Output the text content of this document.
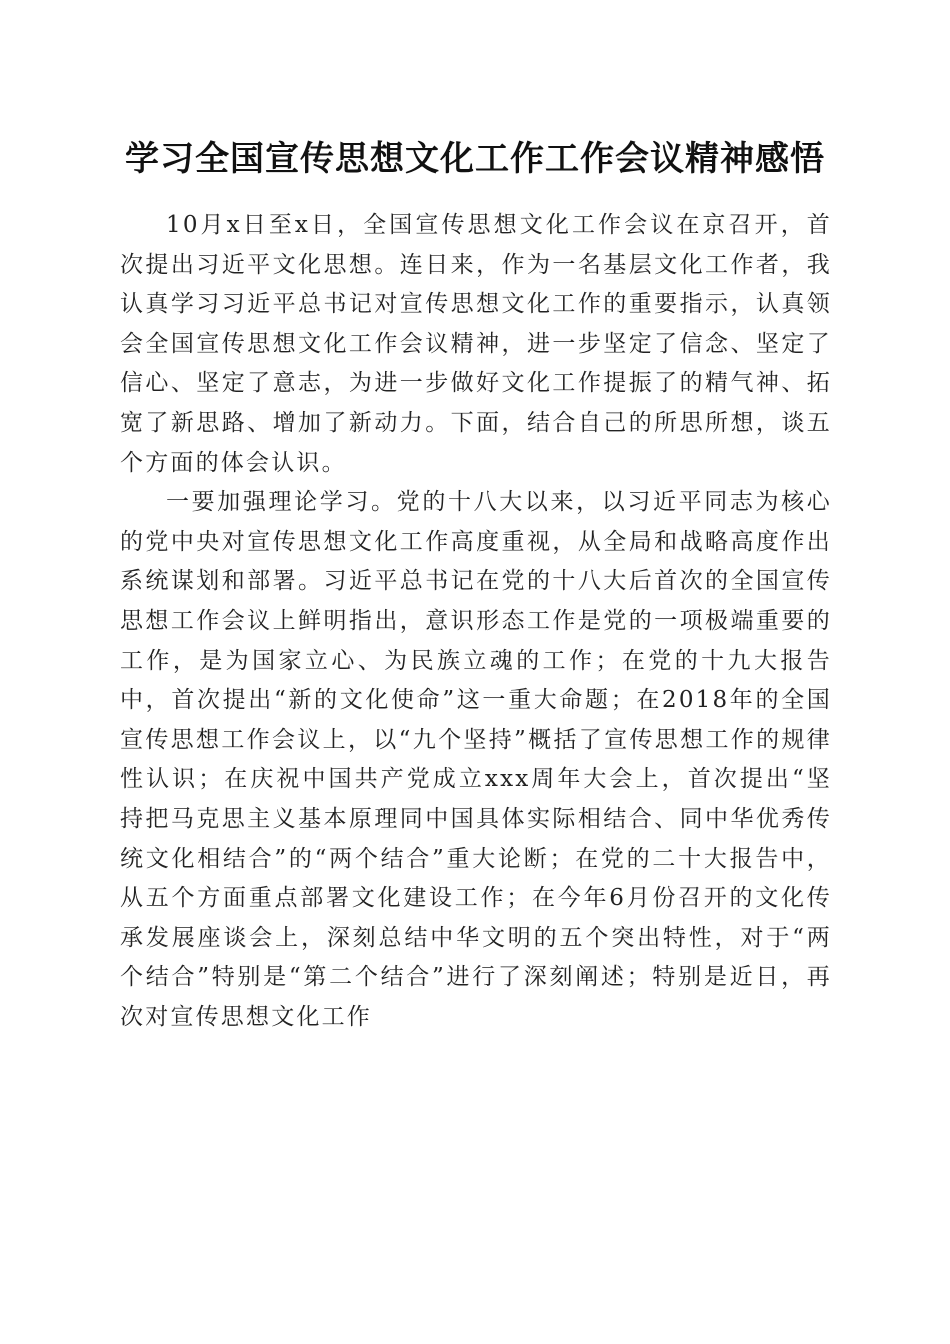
学习全国宣传思想文化工作工作会议精神感悟

10月x日至x日，全国宣传思想文化工作会议在京召开，首次提出习近平文化思想。连日来，作为一名基层文化工作者，我认真学习习近平总书记对宣传思想文化工作的重要指示，认真领会全国宣传思想文化工作会议精神，进一步坚定了信念、坚定了信心、坚定了意志，为进一步做好文化工作提振了的精气神、拓宽了新思路、增加了新动力。下面，结合自己的所思所想，谈五个方面的体会认识。

一要加强理论学习。党的十八大以来，以习近平同志为核心的党中央对宣传思想文化工作高度重视，从全局和战略高度作出系统谋划和部署。习近平总书记在党的十八大后首次的全国宣传思想工作会议上鲜明指出，意识形态工作是党的一项极端重要的工作，是为国家立心、为民族立魂的工作；在党的十九大报告中，首次提出“新的文化使命”这一重大命题；在2018年的全国宣传思想工作会议上，以“九个坚持”概括了宣传思想工作的规律性认识；在庆祝中国共产党成立xxx周年大会上，首次提出“坚持把马克思主义基本原理同中国具体实际相结合、同中华优秀传统文化相结合”的“两个结合”重大论断；在党的二十大报告中，从五个方面重点部署文化建设工作；在今年6月份召开的文化传承发展座谈会上，深刻总结中华文明的五个突出特性，对于“两个结合”特别是“第二个结合”进行了深刻阐述；特别是近日，再次对宣传思想文化工作
